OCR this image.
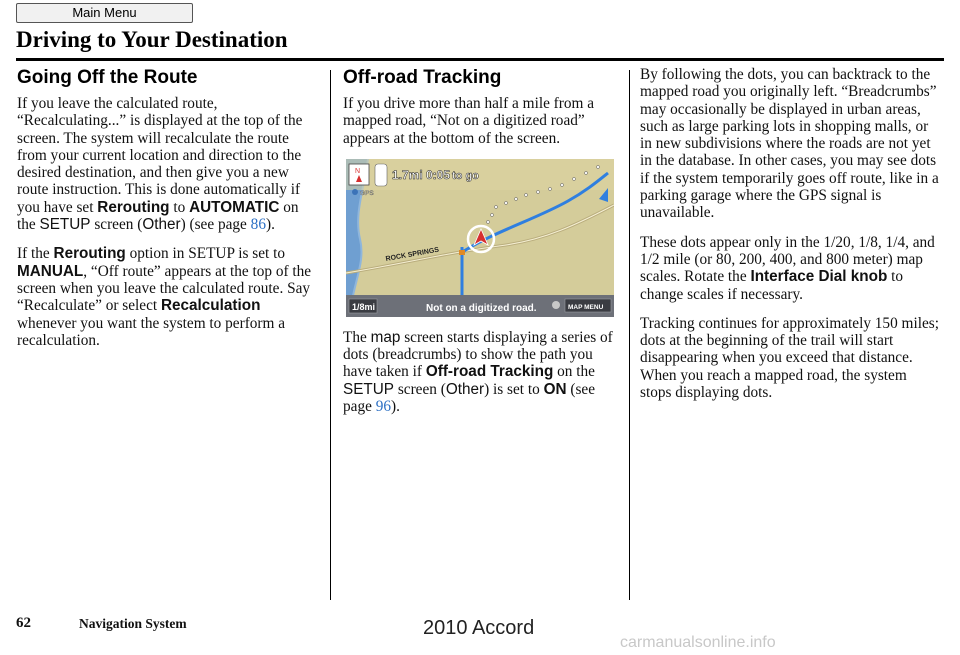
Main Menu
Driving to Your Destination
Going Off the Route

If you leave the calculated route, “Recalculating...” is displayed at the top of the screen. The system will recalculate the route from your current location and direction to the desired destination, and then give you a new route instruction. This is done automatically if you have set Rerouting to AUTOMATIC on the SETUP screen (Other) (see page 86).

If the Rerouting option in SETUP is set to MANUAL, “Off route” appears at the top of the screen when you leave the calculated route. Say “Recalculate” or select Recalculation whenever you want the system to perform a recalculation.

Off-road Tracking

If you drive more than half a mile from a mapped road, “Not on a digitized road” appears at the bottom of the screen.

ROCK SPRINGS
N	1.7mi 0:05 to go
GPS
1/8mi	Not on a digitized road.	MAP MENU

The map screen starts displaying a series of dots (breadcrumbs) to show the path you have taken if Off-road Tracking on the SETUP screen (Other) is set to ON (see page 96).

By following the dots, you can backtrack to the mapped road you originally left. “Breadcrumbs” may occasionally be displayed in urban areas, such as large parking lots in shopping malls, or in new subdivisions where the roads are not yet in the database. In other cases, you may see dots if the system temporarily goes off route, like in a parking garage where the GPS signal is unavailable.

These dots appear only in the 1/20, 1/8, 1/4, and 1/2 mile (or 80, 200, 400, and 800 meter) map scales. Rotate the Interface Dial knob to change scales if necessary.

Tracking continues for approximately 150 miles; dots at the beginning of the trail will start disappearing when you exceed that distance. When you reach a mapped road, the system stops displaying dots.

62	Navigation System	2010 Accord
carmanualsonline.info
